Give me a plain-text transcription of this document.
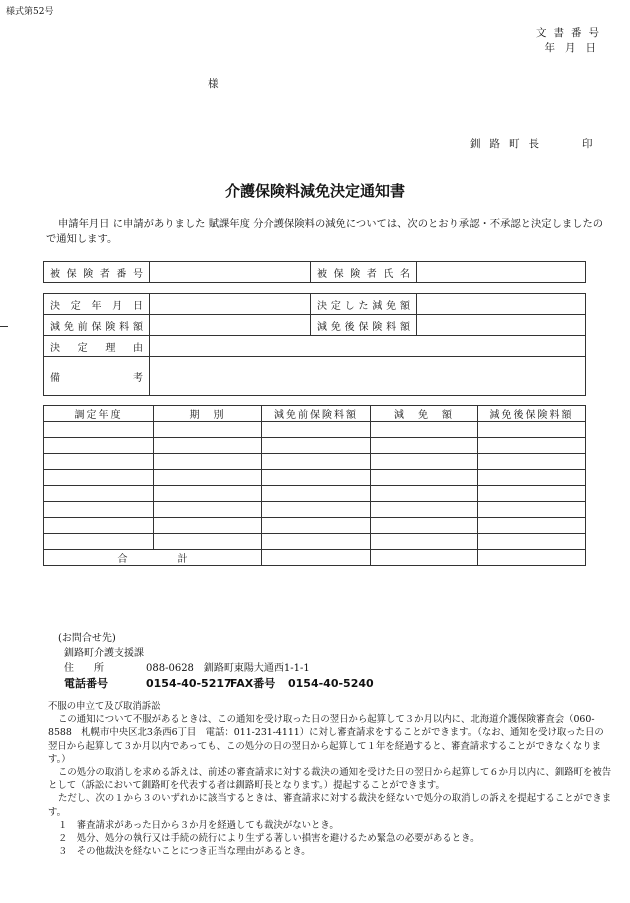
様式第52号
文書番号
年月日
様
釧路町長	印
介護保険料減免決定通知書
申請年月日 に申請がありました 賦課年度 分介護保険料の減免については、次のとおり承認・不承認と決定しましたので通知します。
被保険者番号		被保険者氏名	
決定年月日		決定した減免額	
減免前保険料額		減免後保険料額	
決定理由			
備考			
調定年度	期　別	減免前保険料額	減　免　額	減免後保険料額

合　　　　　計				
(お問合せ先)
釧路町介護支援課
住　　所	088-0628　釧路町東陽大通西1-1-1
電話番号	0154-40-5217
FAX番号 0154-40-5240

不服の申立て及び取消訴訟

この通知について不服があるときは、この通知を受け取った日の翌日から起算して３か月以内に、北海道介護保険審査会（060-8588　札幌市中央区北3条西6丁目　電話：011-231-4111）に対し審査請求をすることができます。（なお、通知を受け取った日の翌日から起算して３か月以内であっても、この処分の日の翌日から起算して１年を経過すると、審査請求することができなくなります。）

この処分の取消しを求める訴えは、前述の審査請求に対する裁決の通知を受けた日の翌日から起算して６か月以内に、釧路町を被告として（訴訟において釧路町を代表する者は釧路町長となります。）提起することができます。

ただし、次の１から３のいずれかに該当するときは、審査請求に対する裁決を経ないで処分の取消しの訴えを提起することができます。

１　審査請求があった日から３か月を経過しても裁決がないとき。

２　処分、処分の執行又は手続の続行により生ずる著しい損害を避けるため緊急の必要があるとき。

３　その他裁決を経ないことにつき正当な理由があるとき。
